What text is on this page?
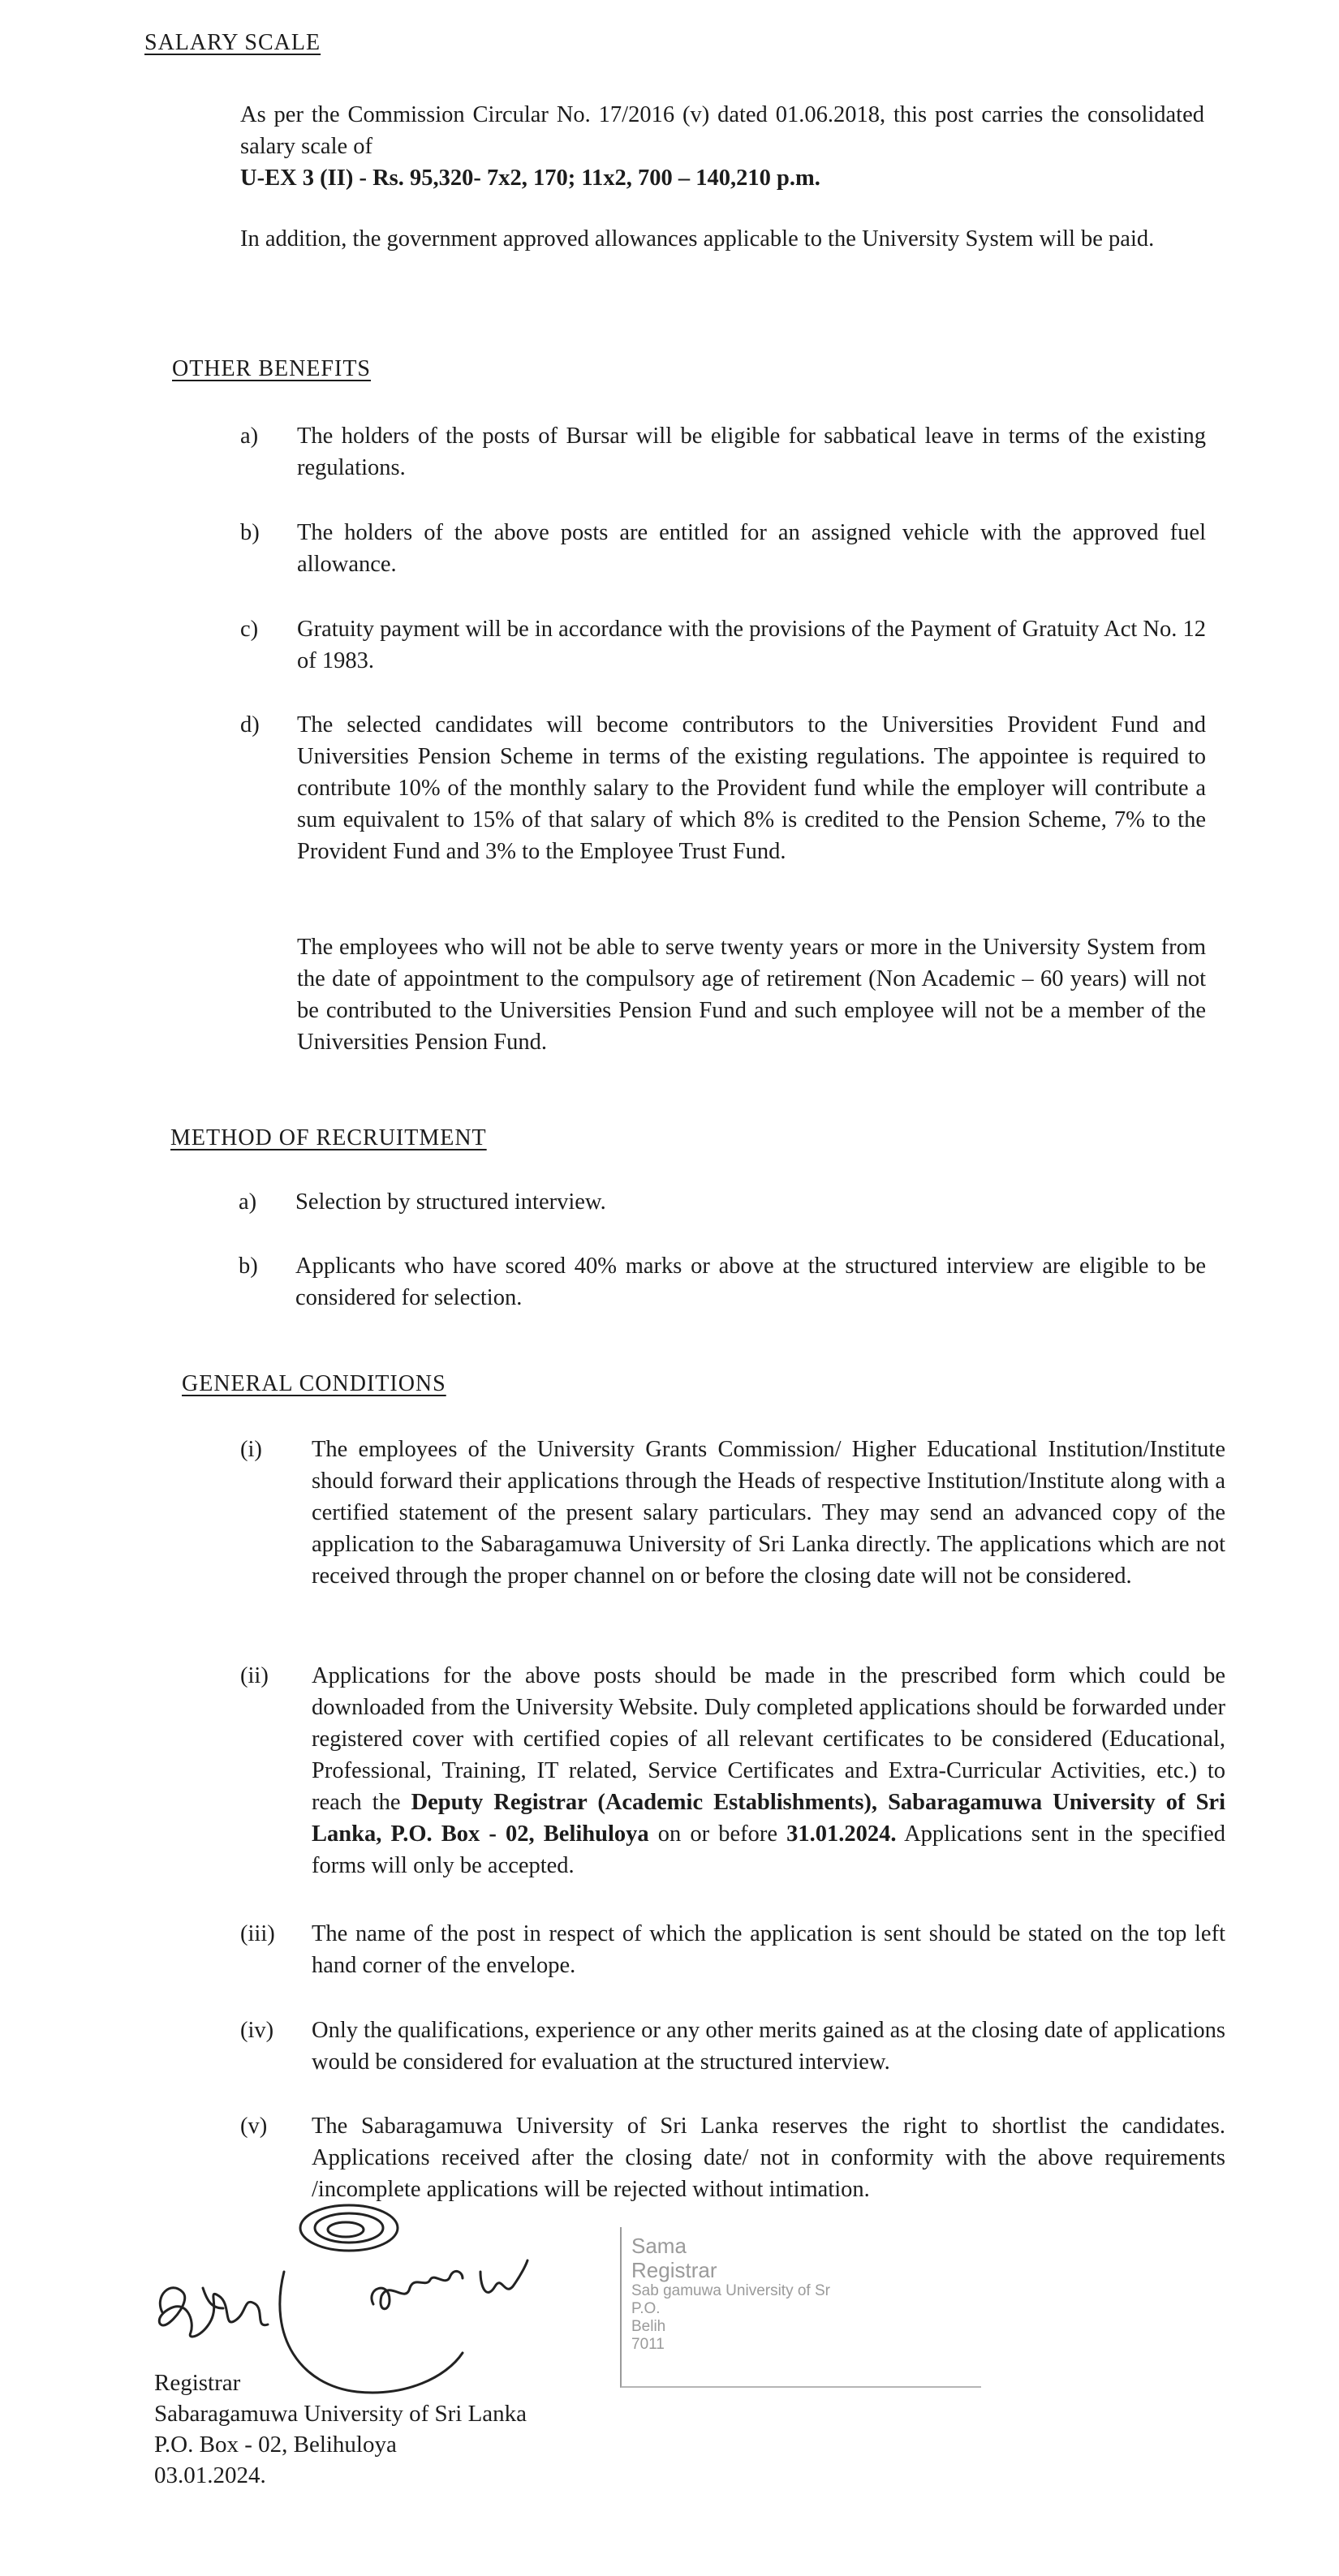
SALARY SCALE

As per the Commission Circular No. 17/2016 (v) dated 01.06.2018, this post carries the consolidated salary scale of

U-EX 3 (II) - Rs. 95,320- 7x2, 170; 11x2, 700 – 140,210 p.m.

In addition, the government approved allowances applicable to the University System will be paid.

OTHER BENEFITS
a)	The holders of the posts of Bursar will be eligible for sabbatical leave in terms of the existing regulations.

b)	The holders of the above posts are entitled for an assigned vehicle with the approved fuel allowance.

c)	Gratuity payment will be in accordance with the provisions of the Payment of Gratuity Act No. 12 of 1983.

d)	The selected candidates will become contributors to the Universities Provident Fund and Universities Pension Scheme in terms of the existing regulations. The appointee is required to contribute 10% of the monthly salary to the Provident fund while the employer will contribute a sum equivalent to 15% of that salary of which 8% is credited to the Pension Scheme, 7% to the Provident Fund and 3% to the Employee Trust Fund.

The employees who will not be able to serve twenty years or more in the University System from the date of appointment to the compulsory age of retirement (Non Academic – 60 years) will not be contributed to the Universities Pension Fund and such employee will not be a member of the Universities Pension Fund.

METHOD OF RECRUITMENT
a)	Selection by structured interview.

b)	Applicants who have scored 40% marks or above at the structured interview are eligible to be considered for selection.

GENERAL CONDITIONS
(i)	The employees of the University Grants Commission/ Higher Educational Institution/Institute should forward their applications through the Heads of respective Institution/Institute along with a certified statement of the present salary particulars. They may send an advanced copy of the application to the Sabaragamuwa University of Sri Lanka directly. The applications which are not received through the proper channel on or before the closing date will not be considered.

(ii)	Applications for the above posts should be made in the prescribed form which could be downloaded from the University Website. Duly completed applications should be forwarded under registered cover with certified copies of all relevant certificates to be considered (Educational, Professional, Training, IT related, Service Certificates and Extra-Curricular Activities, etc.) to reach the Deputy Registrar (Academic Establishments), Sabaragamuwa University of Sri Lanka, P.O. Box - 02, Belihuloya on or before 31.01.2024. Applications sent in the specified forms will only be accepted.

(iii)	The name of the post in respect of which the application is sent should be stated on the top left hand corner of the envelope.

(iv)	Only the qualifications, experience or any other merits gained as at the closing date of applications would be considered for evaluation at the structured interview.

(v)	The Sabaragamuwa University of Sri Lanka reserves the right to shortlist the candidates. Applications received after the closing date/ not in conformity with the above requirements /incomplete applications will be rejected without intimation.

Sama
Registrar
Sab gamuwa University of Sr
P.O.
Belih
7011
Registrar
Sabaragamuwa University of Sri Lanka
P.O. Box - 02, Belihuloya
03.01.2024.
